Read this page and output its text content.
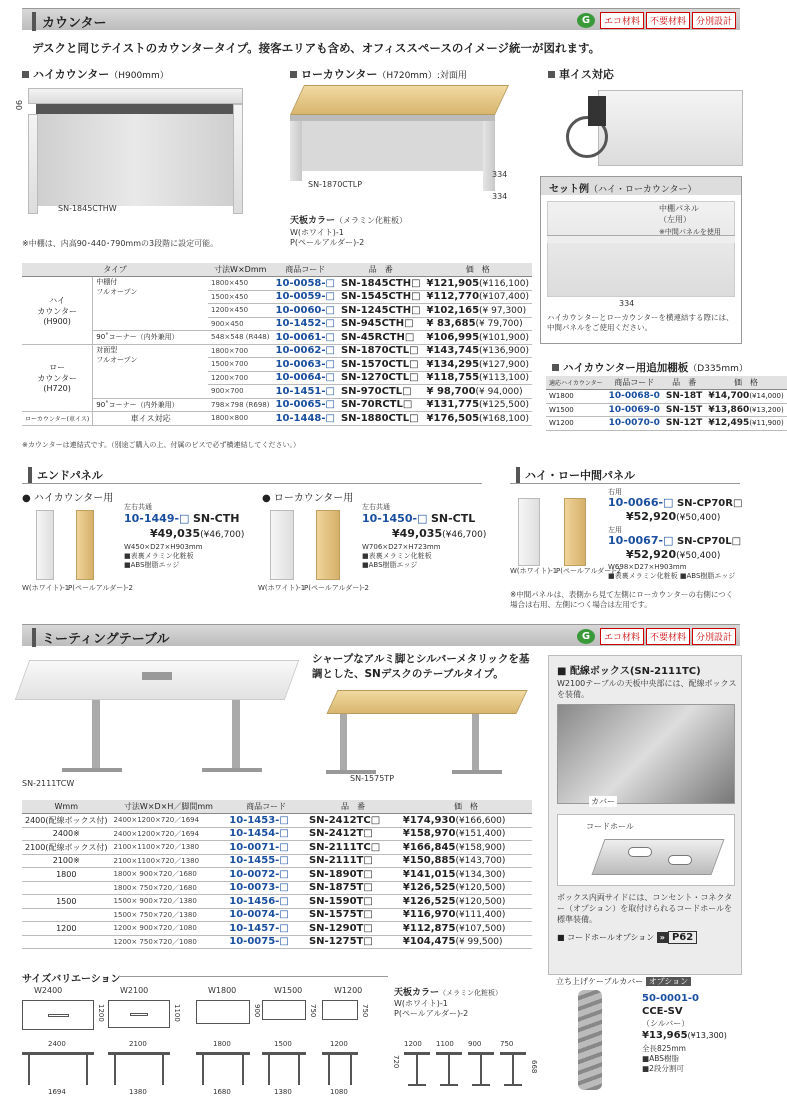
カウンター	G	エコ材料	不要材料	分別設計
デスクと同じテイストのカウンタータイプ。接客エリアも含め、オフィススペースのイメージ統一が図れます。
ハイカウンター（H900mm）
90
SN-1845CTHW
※中棚は、内高90･440･790mmの3段階に設定可能。
ローカウンター（H720mm）:対面用
334
334
SN-1870CTLP
天板カラー（メラミン化粧板）
W(ホワイト)-1
P(ペールアルダー)-2
車イス対応
セット例（ハイ・ローカウンター）
中棚パネル
（左用）
※中間パネルを使用
334
ハイカウンターとローカウンターを横連結する際には、中間パネルをご使用ください。
タイプ		寸法W×Dmm	商品コード	品　番	価　格
ハイ
カウンター
(H900)	中棚付
フルオープン	1800×450	10-0058-□	SN-1845CTH□	¥121,905(¥116,100)
		1500×450	10-0059-□	SN-1545CTH□	¥112,770(¥107,400)
		1200×450	10-0060-□	SN-1245CTH□	¥102,165(¥ 97,300)
		900×450	10-1452-□	SN-945CTH□	¥ 83,685(¥ 79,700)
	90˚コーナー（内外兼用）	548×548 (R448)	10-0061-□	SN-45RCTH□	¥106,995(¥101,900)
ロー
カウンター
(H720)	対面型
フルオープン	1800×700	10-0062-□	SN-1870CTL□	¥143,745(¥136,900)
		1500×700	10-0063-□	SN-1570CTL□	¥134,295(¥127,900)
		1200×700	10-0064-□	SN-1270CTL□	¥118,755(¥113,100)
		900×700	10-1451-□	SN-970CTL□	¥ 98,700(¥ 94,000)
	90˚コーナー（内外兼用）	798×798 (R698)	10-0065-□	SN-70RCTL□	¥131,775(¥125,500)
ローカウンター(車イス)	車イス対応	1800×800	10-1448-□	SN-1880CTL□	¥176,505(¥168,100)
※カウンターは連結式です。（別途ご購入の上、付属のビスで必ず横連結してください。）
ハイカウンター用追加棚板（D335mm）
適応ハイカウンター	商品コード	品　番	価　格
W1800	10-0068-0	SN-18T	¥14,700(¥14,000)
W1500	10-0069-0	SN-15T	¥13,860(¥13,200)
W1200	10-0070-0	SN-12T	¥12,495(¥11,900)
エンドパネル	ハイ・ロー中間パネル
● ハイカウンター用
W(ホワイト)-1
P(ペールアルダー)-2
左右共通
10-1449-□ SN-CTH
¥49,035(¥46,700)
W450×D27×H903mm
■表裏メラミン化粧板
■ABS樹脂エッジ
● ローカウンター用
W(ホワイト)-1
P(ペールアルダー)-2
左右共通
10-1450-□ SN-CTL
¥49,035(¥46,700)
W706×D27×H723mm
■表裏メラミン化粧板
■ABS樹脂エッジ
W(ホワイト)-1
P(ペールアルダー)-2
右用
10-0066-□ SN-CP70R□
¥52,920(¥50,400)
左用
10-0067-□ SN-CP70L□
¥52,920(¥50,400)
W698×D27×H903mm
■表裏メラミン化粧板 ■ABS樹脂エッジ
※中間パネルは、表側から見て左側にローカウンターの右側につく場合は右用、左側につく場合は左用です。
ミーティングテーブル	G	エコ材料	不要材料	分別設計
SN-2111TCW
シャープなアルミ脚とシルバーメタリックを基調とした、SNデスクのテーブルタイプ。
SN-1575TP
Wmm	寸法W×D×H／脚間mm	商品コード	品　番	価　格
2400(配線ボックス付)	2400×1200×720／1694	10-1453-□	SN-2412TC□	¥174,930(¥166,600)
2400※	2400×1200×720／1694	10-1454-□	SN-2412T□	¥158,970(¥151,400)
2100(配線ボックス付)	2100×1100×720／1380	10-0071-□	SN-2111TC□	¥166,845(¥158,900)
2100※	2100×1100×720／1380	10-1455-□	SN-2111T□	¥150,885(¥143,700)
1800	1800× 900×720／1680	10-0072-□	SN-1890T□	¥141,015(¥134,300)
	1800× 750×720／1680	10-0073-□	SN-1875T□	¥126,525(¥120,500)
1500	1500× 900×720／1380	10-1456-□	SN-1590T□	¥126,525(¥120,500)
	1500× 750×720／1380	10-0074-□	SN-1575T□	¥116,970(¥111,400)
1200	1200× 900×720／1080	10-1457-□	SN-1290T□	¥112,875(¥107,500)
	1200× 750×720／1080	10-0075-□	SN-1275T□	¥104,475(¥ 99,500)
■ 配線ボックス(SN-2111TC)
W2100テーブルの天板中央部には、配線ボックスを装備。
カバー
コードホール
ボックス内両サイドには、コンセント・コネクター（オプション）を取付けられるコードホールを標準装備。
■ コードホールオプション » P62
立ち上げケーブルカバー オプション
50-0001-0
CCE-SV
（シルバー）
¥13,965(¥13,300)
全長825mm
■ABS樹脂
■2段分割可
サイズバリエーション
W2400
1200
W2100
1100
W1800
900
W1500
750
W1200
750
2400
1694
2100
1380
1800
1680
1500
1380
1200
1080
天板カラー（メラミン化粧板）
W(ホワイト)-1
P(ペールアルダー)-2
1200 1100 900	750
720	668
